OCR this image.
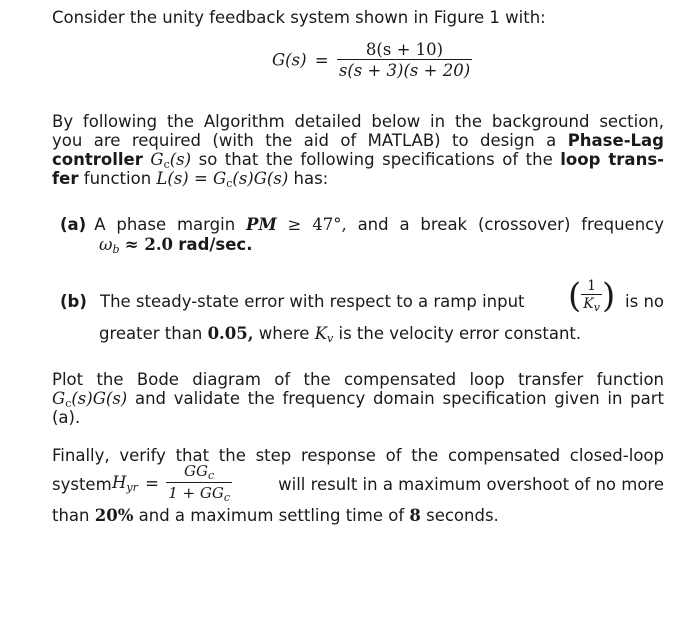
Consider the unity feedback system shown in Figure 1 with:
$G(s) = \frac{8(s + 10)}{s(s + 3)(s + 20)}$
By following the Algorithm detailed below in the background section,
you are required (with the aid of MATLAB) to design a Phase-Lag
controller $G_c(s)$ so that the following specifications of the loop trans-
fer function $L(s) = G_c(s)G(s)$ has:
(a) A phase margin PM ≥ 47°, and a break (crossover) frequency
$\omega_b \approx 2.0$ rad/sec.
(b) The steady-state error with respect to a ramp input ( $\frac{1}{K_v}$ ) is no
greater than 0.05, where $K_v$ is the velocity error constant.
Plot the Bode diagram of the compensated loop transfer function
$G_c(s)G(s)$ and validate the frequency domain specification given in part
(a).
Finally, verify that the step response of the compensated closed-loop
system $H_{yr} = \frac{GG_c}{1 + GG_c}$	will result in a maximum overshoot of no more
than 20% and a maximum settling time of 8 seconds.
